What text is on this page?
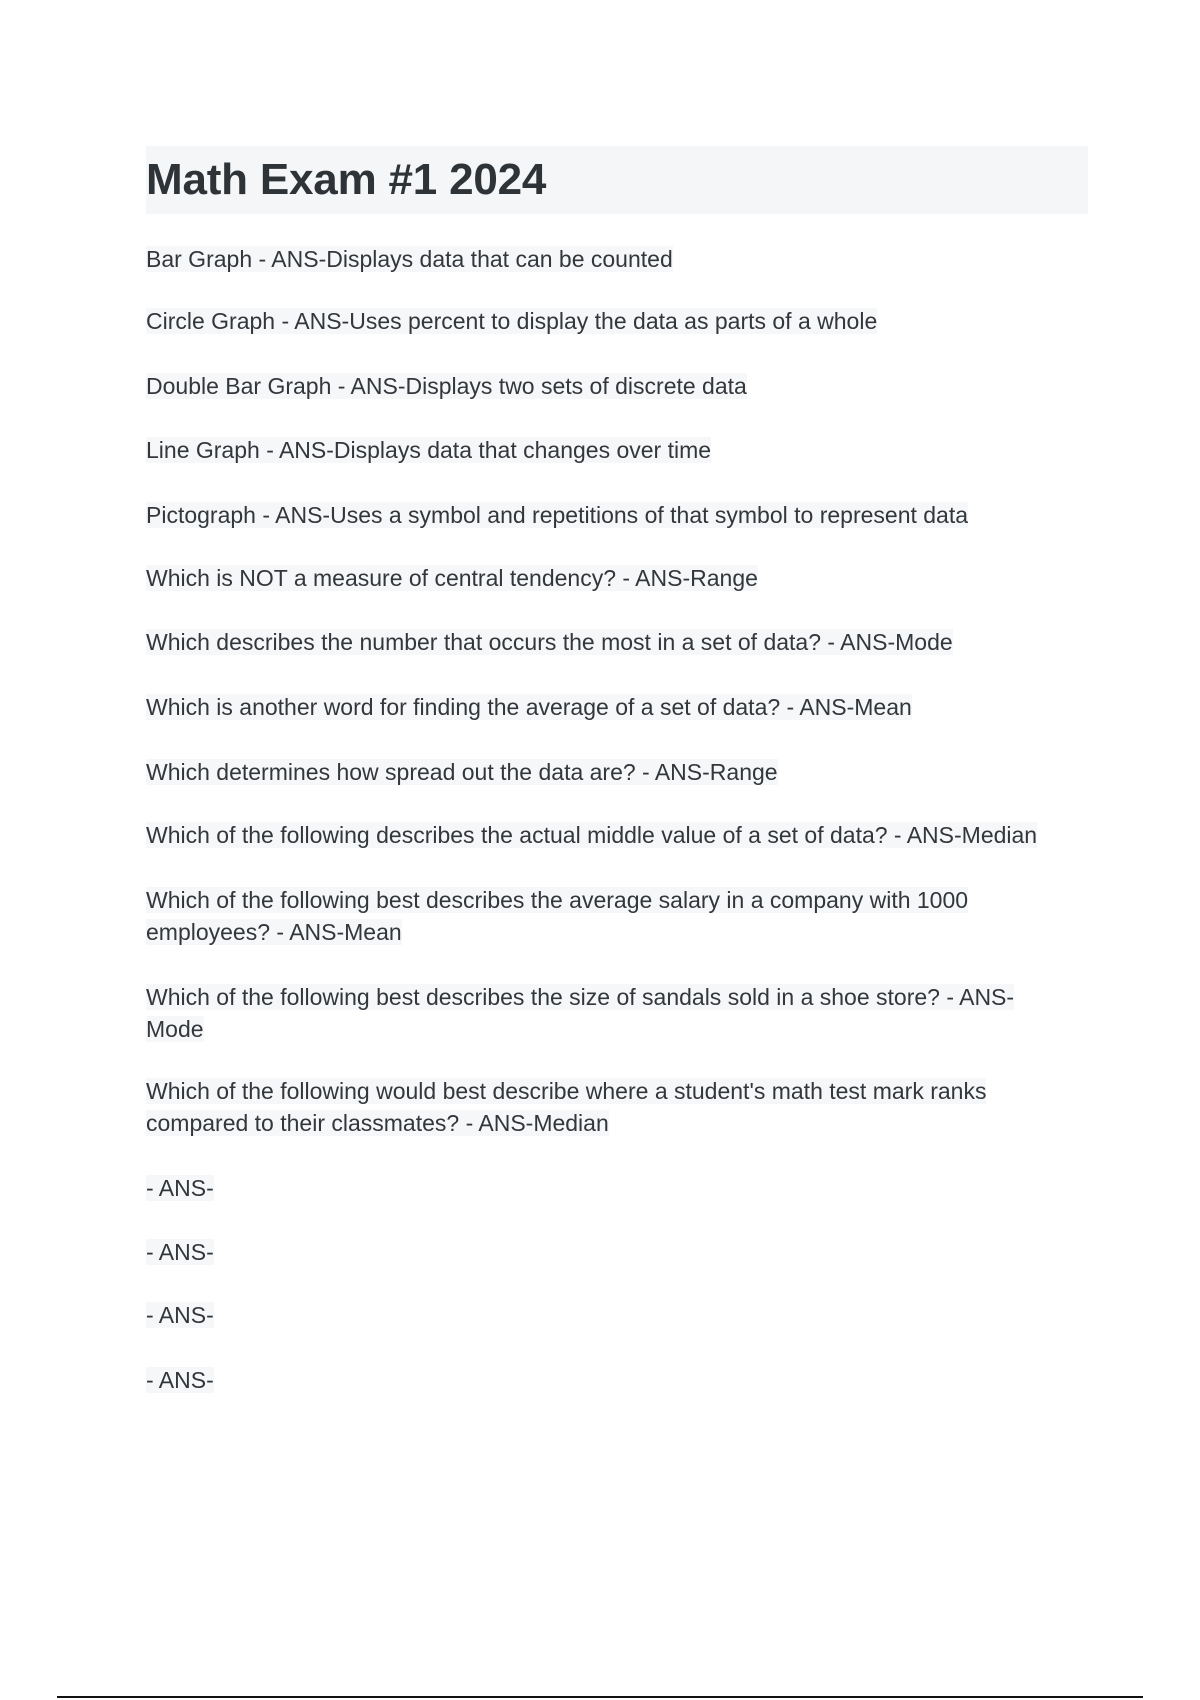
Math Exam #1 2024

Bar Graph - ANS-Displays data that can be counted

Circle Graph - ANS-Uses percent to display the data as parts of a whole

Double Bar Graph - ANS-Displays two sets of discrete data

Line Graph - ANS-Displays data that changes over time

Pictograph - ANS-Uses a symbol and repetitions of that symbol to represent data

Which is NOT a measure of central tendency? - ANS-Range

Which describes the number that occurs the most in a set of data? - ANS-Mode

Which is another word for finding the average of a set of data? - ANS-Mean

Which determines how spread out the data are? - ANS-Range

Which of the following describes the actual middle value of a set of data? - ANS-Median

Which of the following best describes the average salary in a company with 1000 employees? - ANS-Mean

Which of the following best describes the size of sandals sold in a shoe store? - ANS-Mode

Which of the following would best describe where a student's math test mark ranks compared to their classmates? - ANS-Median

- ANS-

- ANS-

- ANS-

- ANS-
